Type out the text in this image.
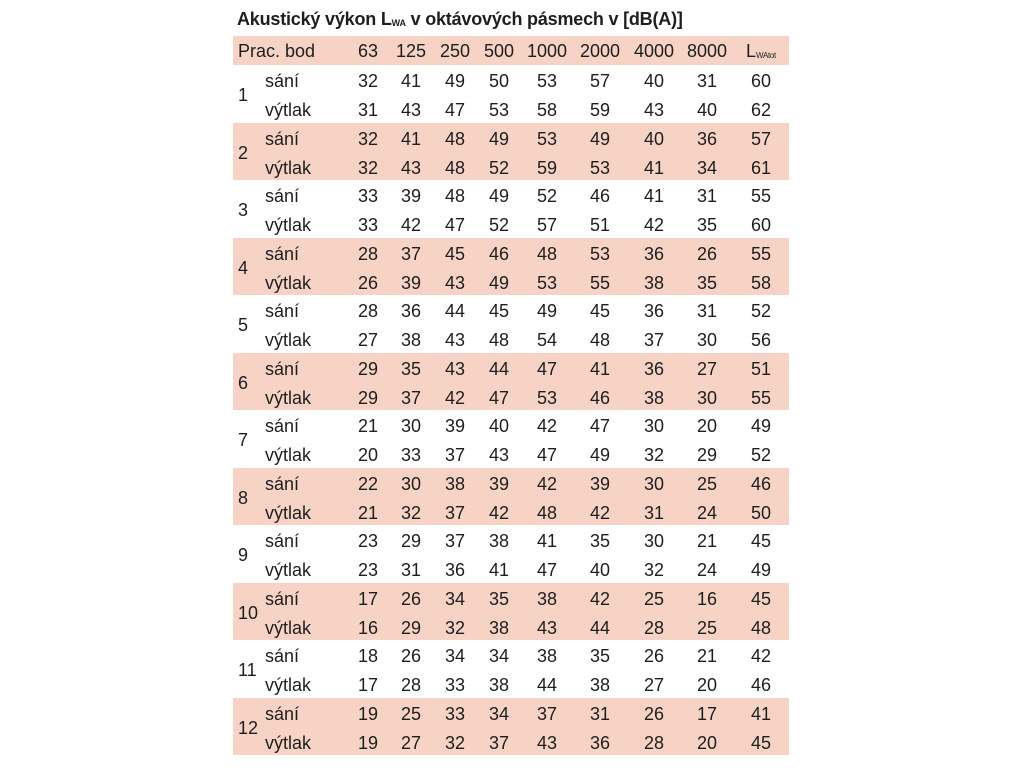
Akustický výkon $L_{WA}$ v oktávových pásmech v [dB(A)]
Prac. bod	63 125 250 500 1000 2000 4000 8000	$L_{WAtot}$
1
sání	32	41	49	50	53	57	40	31	60
výtlak	31	43	47	53	58	59	43	40	62
2
sání	32	41	48	49	53	49	40	36	57
výtlak	32	43	48	52	59	53	41	34	61
3
sání	33	39	48	49	52	46	41	31	55
výtlak	33	42	47	52	57	51	42	35	60
4
sání	28	37	45	46	48	53	36	26	55
výtlak	26	39	43	49	53	55	38	35	58
5
sání	28	36	44	45	49	45	36	31	52
výtlak	27	38	43	48	54	48	37	30	56
6
sání	29	35	43	44	47	41	36	27	51
výtlak	29	37	42	47	53	46	38	30	55
7
sání	21	30	39	40	42	47	30	20	49
výtlak	20	33	37	43	47	49	32	29	52
8
sání	22	30	38	39	42	39	30	25	46
výtlak	21	32	37	42	48	42	31	24	50
9
sání	23	29	37	38	41	35	30	21	45
výtlak	23	31	36	41	47	40	32	24	49
10
sání	17	26	34	35	38	42	25	16	45
výtlak	16	29	32	38	43	44	28	25	48
11
sání	18	26	34	34	38	35	26	21	42
výtlak	17	28	33	38	44	38	27	20	46
12
sání	19	25	33	34	37	31	26	17	41
výtlak	19	27	32	37	43	36	28	20	45
